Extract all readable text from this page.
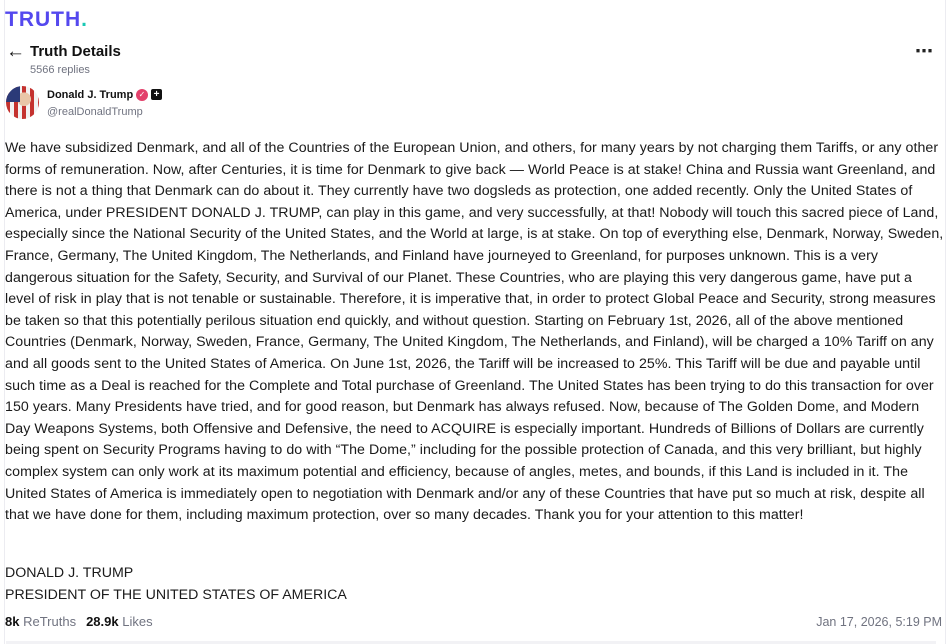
TRUTH.
← Truth Details
5566 replies
⋯
Donald J. Trump ✓ +
@realDonaldTrump

We have subsidized Denmark, and all of the Countries of the European Union, and others, for many years by not charging them Tariffs, or any other forms of remuneration. Now, after Centuries, it is time for Denmark to give back — World Peace is at stake! China and Russia want Greenland, and there is not a thing that Denmark can do about it. They currently have two dogsleds as protection, one added recently. Only the United States of America, under PRESIDENT DONALD J. TRUMP, can play in this game, and very successfully, at that! Nobody will touch this sacred piece of Land, especially since the National Security of the United States, and the World at large, is at stake. On top of everything else, Denmark, Norway, Sweden, France, Germany, The United Kingdom, The Netherlands, and Finland have journeyed to Greenland, for purposes unknown. This is a very dangerous situation for the Safety, Security, and Survival of our Planet. These Countries, who are playing this very dangerous game, have put a level of risk in play that is not tenable or sustainable. Therefore, it is imperative that, in order to protect Global Peace and Security, strong measures be taken so that this potentially perilous situation end quickly, and without question. Starting on February 1st, 2026, all of the above mentioned Countries (Denmark, Norway, Sweden, France, Germany, The United Kingdom, The Netherlands, and Finland), will be charged a 10% Tariff on any and all goods sent to the United States of America. On June 1st, 2026, the Tariff will be increased to 25%. This Tariff will be due and payable until such time as a Deal is reached for the Complete and Total purchase of Greenland. The United States has been trying to do this transaction for over 150 years. Many Presidents have tried, and for good reason, but Denmark has always refused. Now, because of The Golden Dome, and Modern Day Weapons Systems, both Offensive and Defensive, the need to ACQUIRE is especially important. Hundreds of Billions of Dollars are currently being spent on Security Programs having to do with “The Dome,” including for the possible protection of Canada, and this very brilliant, but highly complex system can only work at its maximum potential and efficiency, because of angles, metes, and bounds, if this Land is included in it. The United States of America is immediately open to negotiation with Denmark and/or any of these Countries that have put so much at risk, despite all that we have done for them, including maximum protection, over so many decades. Thank you for your attention to this matter!

DONALD J. TRUMP
PRESIDENT OF THE UNITED STATES OF AMERICA
8k ReTruths 28.9k Likes	Jan 17, 2026, 5:19 PM
